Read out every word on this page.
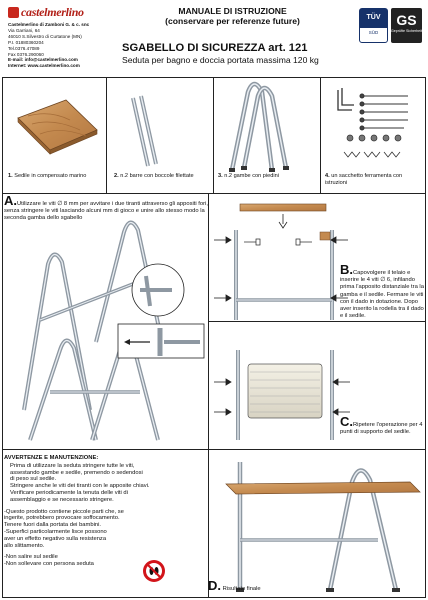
castelmerlino
Castelmerlino di Zamboni G. & c. snc
Via Garriani, 64
46010 S.Silvestro di Curtatone (MN)
P.I. 01880360204
Tel.0376.47089
Fax 0376.290060
E-mail: info@castelmerlino.com
Internet: www.castelmerlino.com
MANUALE DI ISTRUZIONE
(conservare per referenze future)
SGABELLO DI SICUREZZA art. 121
Seduta per bagno e doccia portata massima 120 kg
TÜV
SÜD
GS
Geprüfte Sicherheit
1. Sedile in compensato marino	2. n.2 barre con boccole filettate	3. n.2 gambe con piedini	4. un sacchetto ferramenta con istruzioni
A.Utilizzare le viti ∅ 8 mm per avvitare i due tiranti attraverso gli appositi fori, senza stringere le viti lasciando alcuni mm di gioco e unire allo stesso modo la seconda gamba dello sgabello
B.Capovolgere il telaio e inserire le 4 viti ∅ 6, infilando prima l'apposito distanziale tra la gamba e il sedile. Fermare le viti con il dado in dotazione. Dopo aver inserito la rodella tra il dado e il sedile.
C.Ripetere l'operazione per 4 punti di supporto del sedile.
D. Risultato finale
AVVERTENZE E MANUTENZIONE:

Prima di utilizzare la seduta stringere tutte le viti,

assestando gambe e sedile, premendo o sedendosi

di peso sul sedile.

Stringere anche le viti dei tiranti con le apposite chiavi.

Verificare periodicamente la tenuta delle viti di

assemblaggio e se necessario stringere.

-Questo prodotto contiene piccole parti che, se

ingerite, potrebbero provocare soffocamento.

Tenere fuori dalla portata dei bambini.

-Superfici particolarmente lisce possono

aver un effetto negativo sulla resistenza

allo slittamento.

-Non salire sul sedile

-Non sollevare con persona seduta
